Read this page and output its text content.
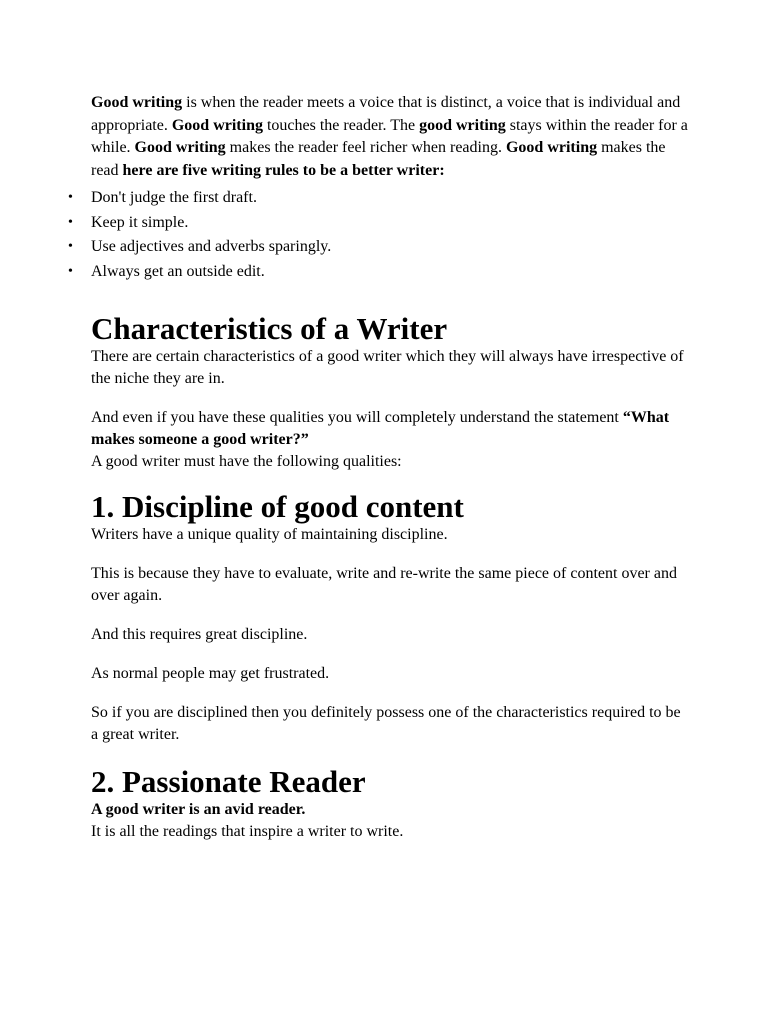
Good writing is when the reader meets a voice that is distinct, a voice that is individual and appropriate. Good writing touches the reader. The good writing stays within the reader for a while. Good writing makes the reader feel richer when reading. Good writing makes the read here are five writing rules to be a better writer:

• Don't judge the first draft.
• Keep it simple.
• Use adjectives and adverbs sparingly.
• Always get an outside edit.
Characteristics of a Writer

There are certain characteristics of a good writer which they will always have irrespective of the niche they are in.

And even if you have these qualities you will completely understand the statement “What makes someone a good writer?”

A good writer must have the following qualities:

1. Discipline of good content

Writers have a unique quality of maintaining discipline.

This is because they have to evaluate, write and re-write the same piece of content over and over again.

And this requires great discipline.

As normal people may get frustrated.

So if you are disciplined then you definitely possess one of the characteristics required to be a great writer.

2. Passionate Reader

A good writer is an avid reader.

It is all the readings that inspire a writer to write.
